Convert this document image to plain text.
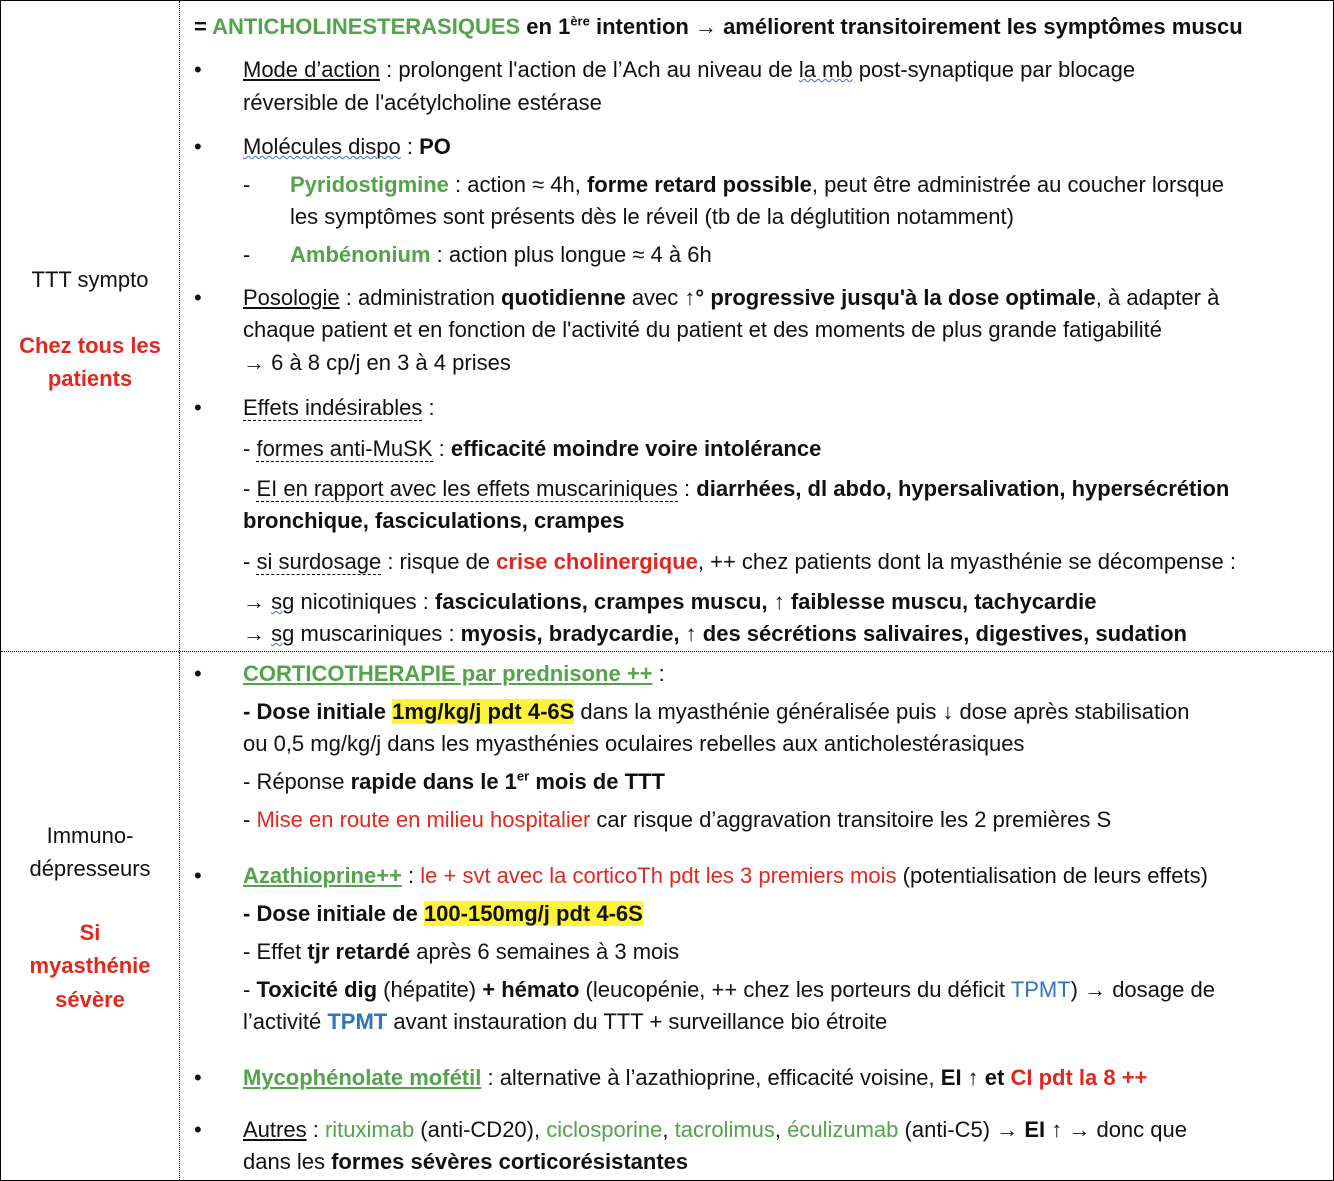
TTT sympto
Chez tous les
patients
= ANTICHOLINESTERASIQUES en 1ère intention → améliorent transitoirement les symptômes muscu
• Mode d’action : prolongent l'action de l’Ach au niveau de la mb post-synaptique par blocage
réversible de l'acétylcholine estérase
• Molécules dispo : PO
- Pyridostigmine : action ≈ 4h, forme retard possible, peut être administrée au coucher lorsque
les symptômes sont présents dès le réveil (tb de la déglutition notamment)
- Ambénonium : action plus longue ≈ 4 à 6h
• Posologie : administration quotidienne avec ↑° progressive jusqu'à la dose optimale, à adapter à
chaque patient et en fonction de l'activité du patient et des moments de plus grande fatigabilité
→ 6 à 8 cp/j en 3 à 4 prises
• Effets indésirables :
- formes anti-MuSK : efficacité moindre voire intolérance
- EI en rapport avec les effets muscariniques : diarrhées, dl abdo, hypersalivation, hypersécrétion
bronchique, fasciculations, crampes
- si surdosage : risque de crise cholinergique, ++ chez patients dont la myasthénie se décompense :
→ sg nicotiniques : fasciculations, crampes muscu, ↑ faiblesse muscu, tachycardie
→ sg muscariniques : myosis, bradycardie, ↑ des sécrétions salivaires, digestives, sudation
Immuno-
dépresseurs
Si
myasthénie
sévère
• CORTICOTHERAPIE par prednisone ++ :
- Dose initiale 1mg/kg/j pdt 4-6S dans la myasthénie généralisée puis ↓ dose après stabilisation
ou 0,5 mg/kg/j dans les myasthénies oculaires rebelles aux anticholestérasiques
- Réponse rapide dans le 1er mois de TTT
- Mise en route en milieu hospitalier car risque d’aggravation transitoire les 2 premières S
• Azathioprine++ : le + svt avec la corticoTh pdt les 3 premiers mois (potentialisation de leurs effets)
- Dose initiale de 100-150mg/j pdt 4-6S
- Effet tjr retardé après 6 semaines à 3 mois
- Toxicité dig (hépatite) + hémato (leucopénie, ++ chez les porteurs du déficit TPMT) → dosage de
l’activité TPMT avant instauration du TTT + surveillance bio étroite
• Mycophénolate mofétil : alternative à l’azathioprine, efficacité voisine, EI ↑ et CI pdt la 8 ++
• Autres : rituximab (anti-CD20), ciclosporine, tacrolimus, éculizumab (anti-C5) → EI ↑ → donc que
dans les formes sévères corticorésistantes
